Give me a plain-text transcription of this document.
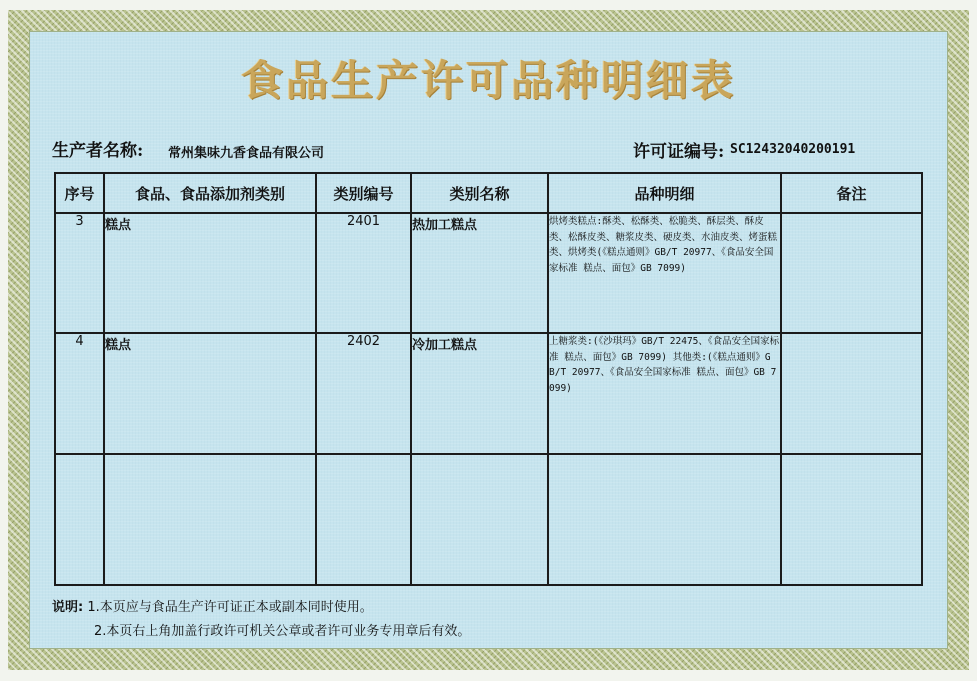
食品生产许可品种明细表
生产者名称: 常州集味九香食品有限公司	许可证编号: SC12432040200191
序号	食品、食品添加剂类别	类别编号	类别名称	品种明细	备注
3	糕点	2401	热加工糕点	烘烤类糕点:酥类、松酥类、松脆类、酥层类、酥皮类、松酥皮类、糖浆皮类、硬皮类、水油皮类、烤蛋糕类、烘烤类(《糕点通则》GB/T 20977、《食品安全国家标准 糕点、面包》GB 7099)	
4	糕点	2402	冷加工糕点	上糖浆类:(《沙琪玛》GB/T 22475、《食品安全国家标准 糕点、面包》GB 7099) 其他类:(《糕点通则》GB/T 20977、《食品安全国家标准 糕点、面包》GB 7099)	

说明: 1.本页应与食品生产许可证正本或副本同时使用。
2.本页右上角加盖行政许可机关公章或者许可业务专用章后有效。
